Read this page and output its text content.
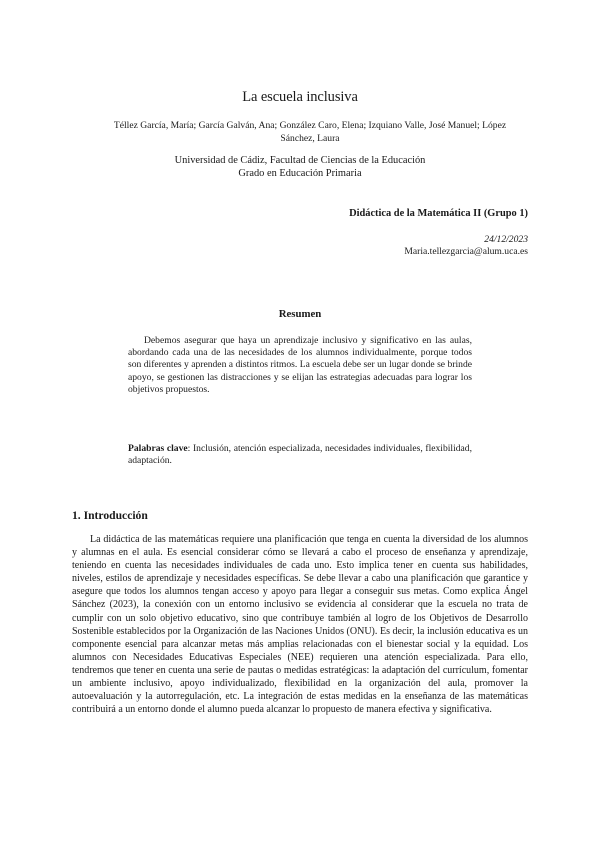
La escuela inclusiva
Téllez García, María; García Galván, Ana; González Caro, Elena; Izquiano Valle, José Manuel; López Sánchez, Laura
Universidad de Cádiz, Facultad de Ciencias de la Educación
Grado en Educación Primaria
Didáctica de la Matemática II (Grupo 1)
24/12/2023
Maria.tellezgarcia@alum.uca.es
Resumen
Debemos asegurar que haya un aprendizaje inclusivo y significativo en las aulas, abordando cada una de las necesidades de los alumnos individualmente, porque todos son diferentes y aprenden a distintos ritmos. La escuela debe ser un lugar donde se brinde apoyo, se gestionen las distracciones y se elijan las estrategias adecuadas para lograr los objetivos propuestos.
Palabras clave: Inclusión, atención especializada, necesidades individuales, flexibilidad, adaptación.
1. Introducción
La didáctica de las matemáticas requiere una planificación que tenga en cuenta la diversidad de los alumnos y alumnas en el aula. Es esencial considerar cómo se llevará a cabo el proceso de enseñanza y aprendizaje, teniendo en cuenta las necesidades individuales de cada uno. Esto implica tener en cuenta sus habilidades, niveles, estilos de aprendizaje y necesidades específicas. Se debe llevar a cabo una planificación que garantice y asegure que todos los alumnos tengan acceso y apoyo para llegar a conseguir sus metas. Como explica Ángel Sánchez (2023), la conexión con un entorno inclusivo se evidencia al considerar que la escuela no trata de cumplir con un solo objetivo educativo, sino que contribuye también al logro de los Objetivos de Desarrollo Sostenible establecidos por la Organización de las Naciones Unidos (ONU). Es decir, la inclusión educativa es un componente esencial para alcanzar metas más amplias relacionadas con el bienestar social y la equidad. Los alumnos con Necesidades Educativas Especiales (NEE) requieren una atención especializada. Para ello, tendremos que tener en cuenta una serie de pautas o medidas estratégicas: la adaptación del currículum, fomentar un ambiente inclusivo, apoyo individualizado, flexibilidad en la organización del aula, promover la autoevaluación y la autorregulación, etc. La integración de estas medidas en la enseñanza de las matemáticas contribuirá a un entorno donde el alumno pueda alcanzar lo propuesto de manera efectiva y significativa.
